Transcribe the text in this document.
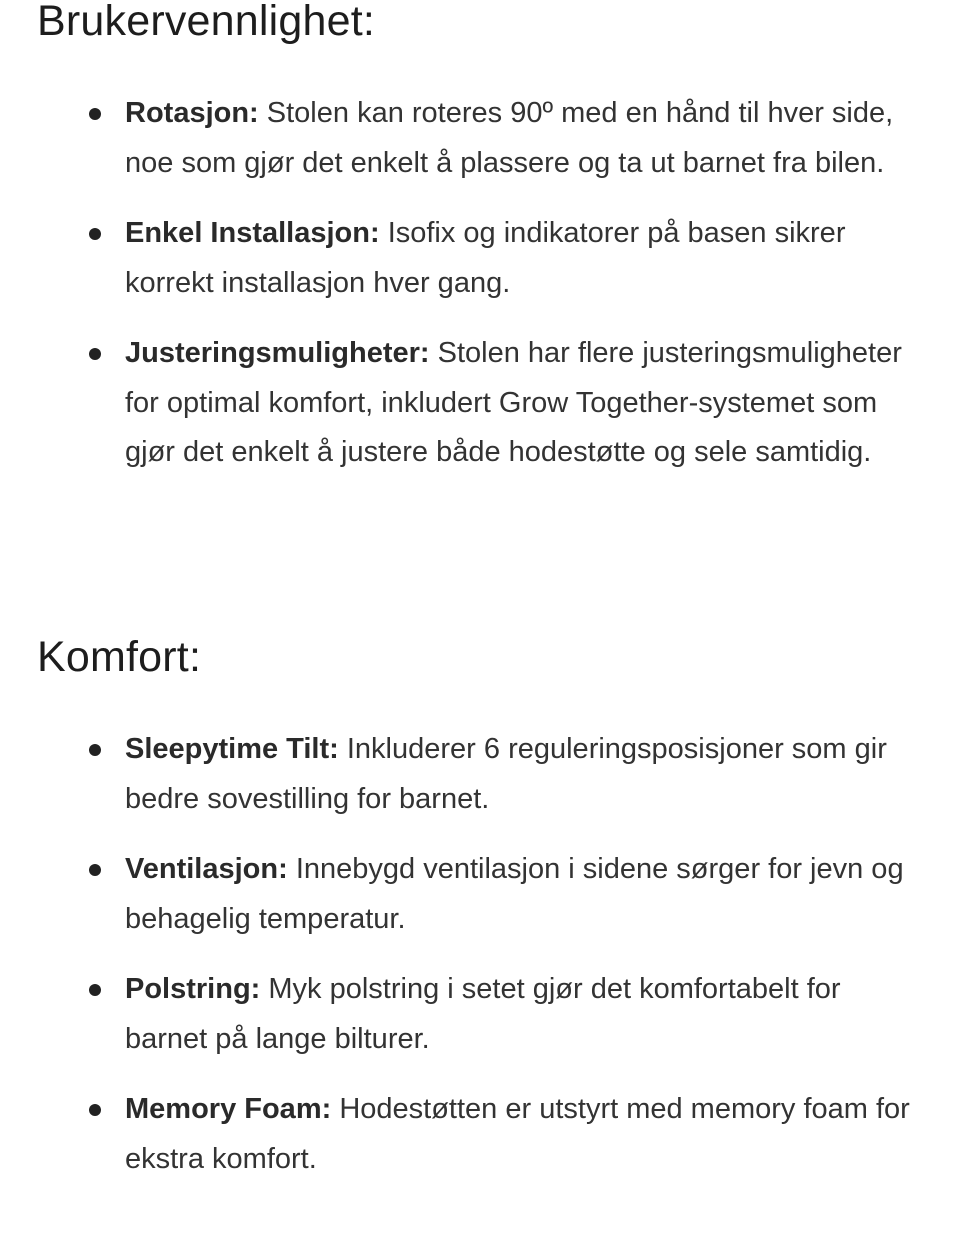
Brukervennlighet:
Rotasjon: Stolen kan roteres 90º med en hånd til hver side, noe som gjør det enkelt å plassere og ta ut barnet fra bilen.
Enkel Installasjon: Isofix og indikatorer på basen sikrer korrekt installasjon hver gang.
Justeringsmuligheter: Stolen har flere justeringsmuligheter for optimal komfort, inkludert Grow Together-systemet som gjør det enkelt å justere både hodestøtte og sele samtidig.
Komfort:
Sleepytime Tilt: Inkluderer 6 reguleringsposisjoner som gir bedre sovestilling for barnet.
Ventilasjon: Innebygd ventilasjon i sidene sørger for jevn og behagelig temperatur.
Polstring: Myk polstring i setet gjør det komfortabelt for barnet på lange bilturer.
Memory Foam: Hodestøtten er utstyrt med memory foam for ekstra komfort.
